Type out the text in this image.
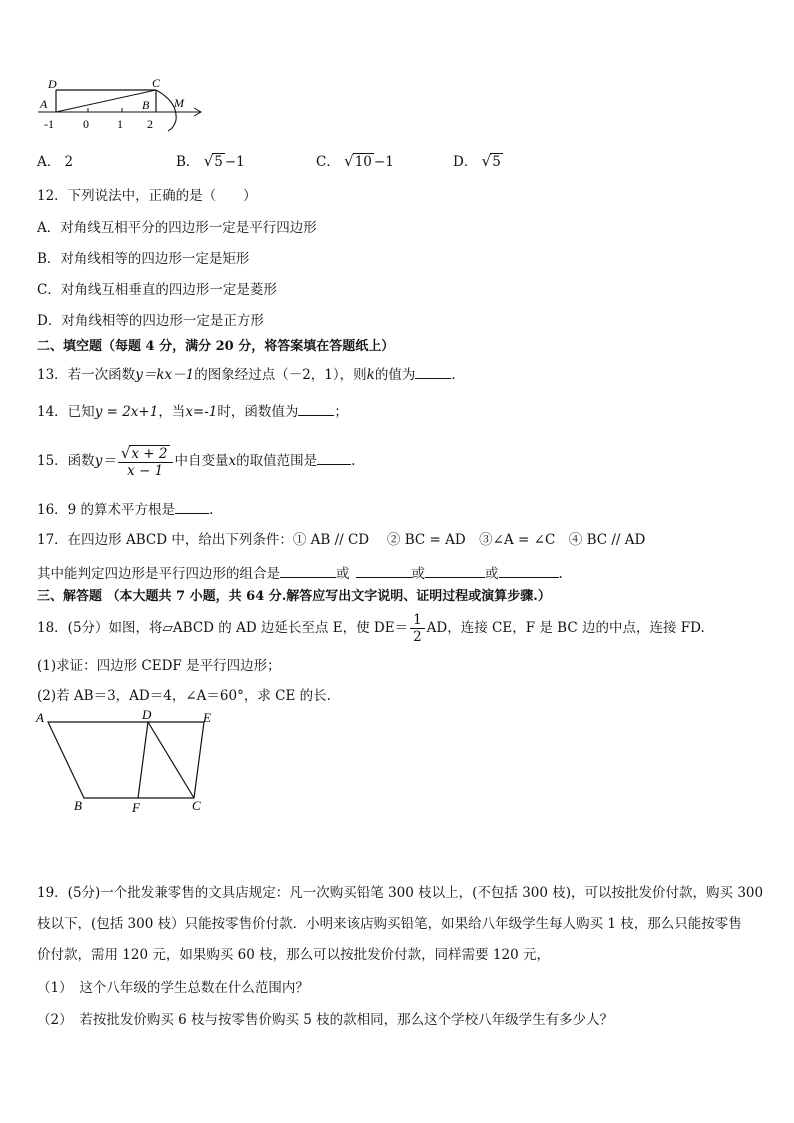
D	C
A	B M
-1 0 1 2
A． 2	B． √5 −1	C． √10 −1	D． √5
12．下列说法中，正确的是（　　）
A．对角线互相平分的四边形一定是平行四边形
B．对角线相等的四边形一定是矩形
C．对角线互相垂直的四边形一定是菱形
D．对角线相等的四边形一定是正方形
二、填空题（每题 4 分，满分 20 分，将答案填在答题纸上）
13．若一次函数y＝kx－1的图象经过点（－2，1），则k的值为	.
14．已知y = 2x+1，当x=-1时，函数值为	；
15．函数$y= \frac{√x + 2}{x - 1}$ 中自变量x的取值范围是	.
16．9 的算术平方根是	.
17．在四边形 ABCD 中，给出下列条件：① AB // CD　 ② BC = AD　③∠A = ∠C　④ BC // AD
其中能判定四边形是平行四边形的组合是	或	或	或	.
三、解答题 （本大题共 7 小题，共 64 分.解答应写出文字说明、证明过程或演算步骤.）
18．(5分）如图，将▱ABCD 的 AD 边延长至点 E，使 $DE= \frac{1}{2}$ AD，连接 CE，F 是 BC 边的中点，连接 FD.
(1)求证：四边形 CEDF 是平行四边形；
(2)若 AB＝3，AD＝4，∠A＝60°，求 CE 的长.
A	D	E
B	F	C
19．(5分)一个批发兼零售的文具店规定：凡一次购买铅笔 300 枝以上，(不包括 300 枝)，可以按批发价付款，购买 300
枝以下，(包括 300 枝）只能按零售价付款．小明来该店购买铅笔，如果给八年级学生每人购买 1 枝，那么只能按零售
价付款，需用 120 元，如果购买 60 枝，那么可以按批发价付款，同样需要 120 元，
（1）　 这个八年级的学生总数在什么范围内？
（2）　 若按批发价购买 6 枝与按零售价购买 5 枝的款相同，那么这个学校八年级学生有多少人？
